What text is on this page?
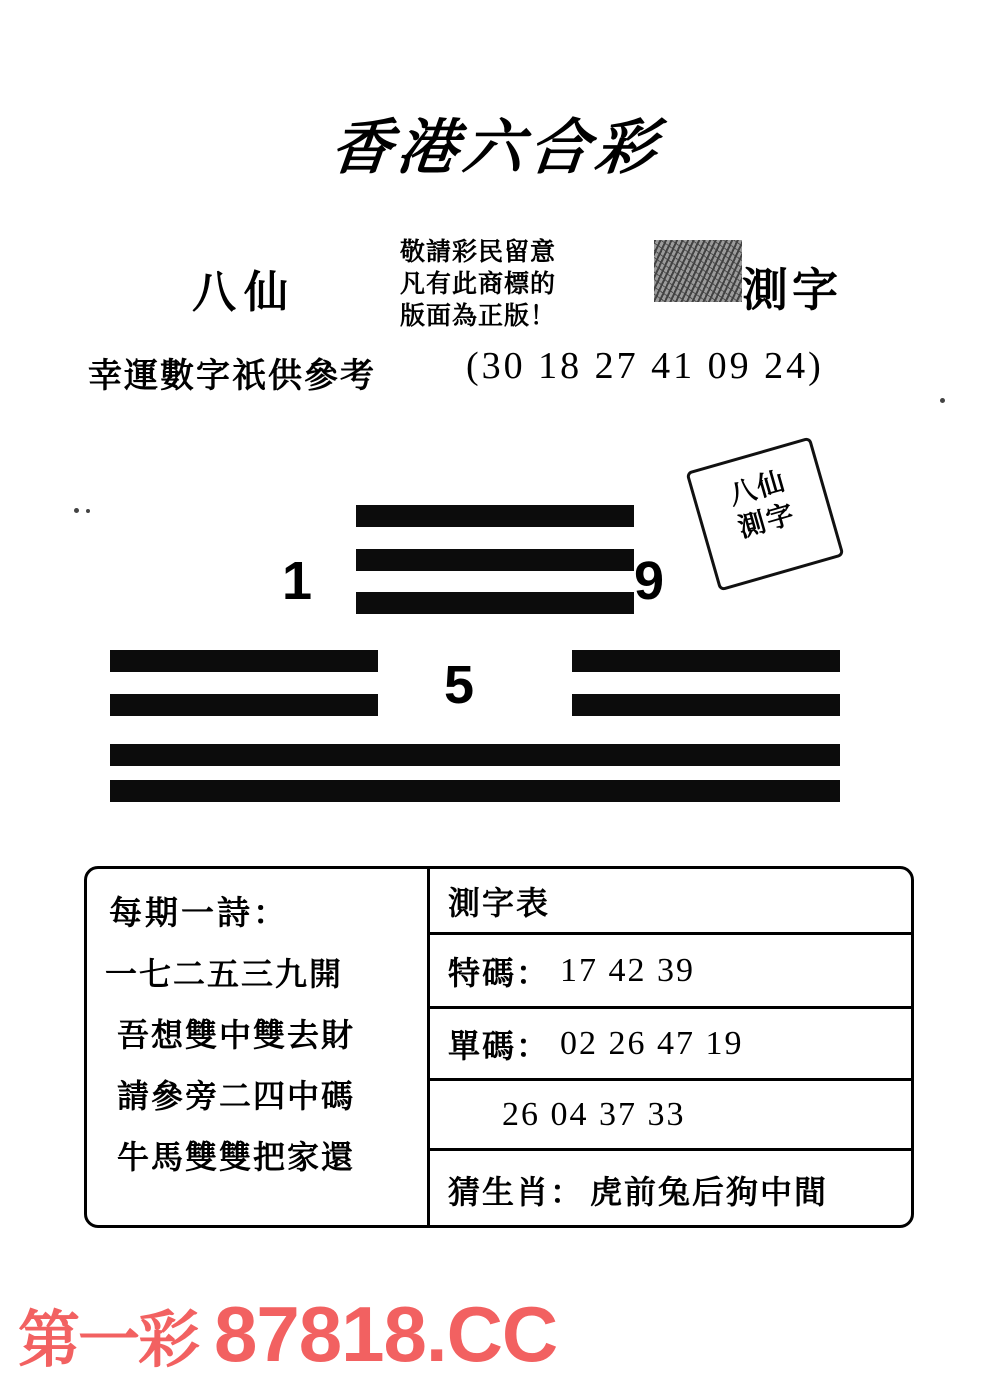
香港六合彩
八仙
敬請彩民留意
凡有此商標的
版面為正版！	測字
幸運數字祇供參考 (30 18 27 41 09 24)
1	9
5
八仙
測字
每期一詩：
一七二五三九開
吾想雙中雙去財
請參旁二四中碼
牛馬雙雙把家還
測字表
特碼： 17 42 39
單碼： 02 26 47 19
26 04 37 33
猜生肖： 虎前兔后狗中間
第一彩 87818.CC
